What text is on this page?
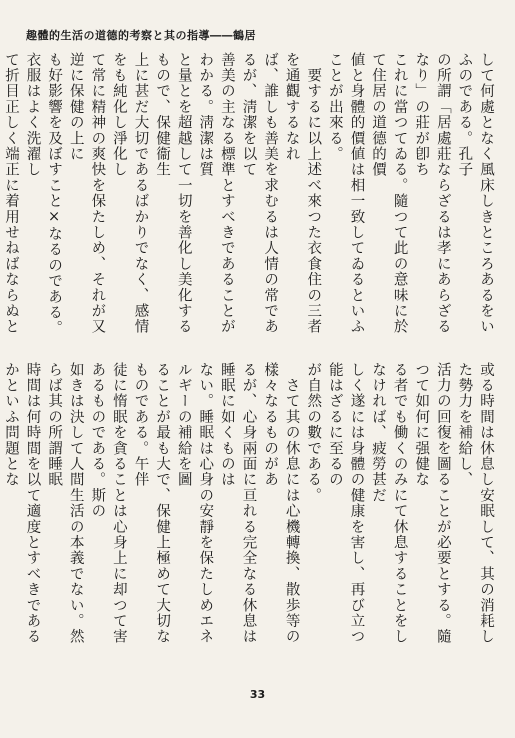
趣體的生活の道德的考察と其の指導――鶴居

して何處となく風床しきところあるをいふのである。孔子

の所謂「居處莊ならざるは孝にあらざるなり」の莊が卽ち

これに當つてゐる。隨つて此の意味に於て住居の道德的價

値と身體的價値は相一致してゐるといふことが出來る。

　要するに以上述べ來つた衣食住の三者を通觀するなれ

ば、誰しも善美を求むるは人情の常であるが、淸潔を以て

善美の主なる標準とすべきであることがわかる。淸潔は質

と量とを超越して一切を善化し美化するもので、保健衞生

上に甚だ大切であるばかりでなく、感情をも純化し淨化し

て常に精神の爽快を保たしめ、それが又逆に保健の上に

も好影響を及ぼすこと×なるのである。衣服はよく洗濯し

て折目正しく端正に着用せねばならぬと

或る時間は休息し安眠して、其の消耗した勢力を補給し、

活力の回復を圖ることが必要とする。隨つて如何に强健な

る者でも働くのみにて休息することをしなければ、疲勞甚だ

しく遂には身體の健康を害し、再び立つ能はざるに至るの

が自然の數である。

　さて其の休息には心機轉換、散歩等の樣々なるものがあ

るが、心身兩面に亘れる完全なる休息は睡眠に如くものは

ない。睡眠は心身の安靜を保たしめエネルギーの補給を圖

ることが最も大で、保健上極めて大切なものである。午伴

徒に惰眠を貪ることは心身上に却つて害あるものである。斯の

如きは決して人間生活の本義でない。然らば其の所謂睡眠

時間は何時間を以て適度とすべきであるかといふ問題とな

33
